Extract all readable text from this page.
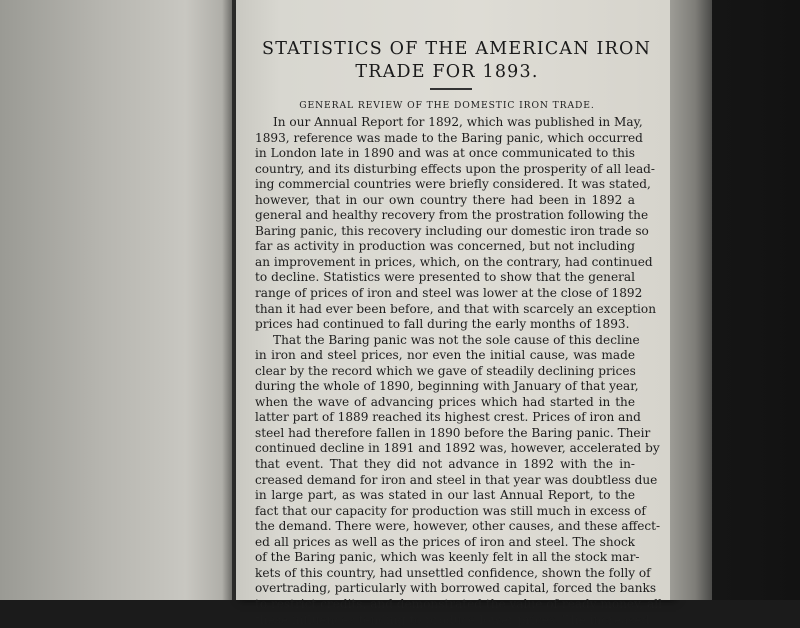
STATISTICS OF THE AMERICAN IRON
TRADE FOR 1893.
GENERAL REVIEW OF THE DOMESTIC IRON TRADE.
In our Annual Report for 1892, which was published in May,
1893, reference was made to the Baring panic, which occurred
in London late in 1890 and was at once communicated to this
country, and its disturbing effects upon the prosperity of all lead-
ing commercial countries were briefly considered. It was stated,
however, that in our own country there had been in 1892 a
general and healthy recovery from the prostration following the
Baring panic, this recovery including our domestic iron trade so
far as activity in production was concerned, but not including
an improvement in prices, which, on the contrary, had continued
to decline. Statistics were presented to show that the general
range of prices of iron and steel was lower at the close of 1892
than it had ever been before, and that with scarcely an exception
prices had continued to fall during the early months of 1893.
That the Baring panic was not the sole cause of this decline
in iron and steel prices, nor even the initial cause, was made
clear by the record which we gave of steadily declining prices
during the whole of 1890, beginning with January of that year,
when the wave of advancing prices which had started in the
latter part of 1889 reached its highest crest. Prices of iron and
steel had therefore fallen in 1890 before the Baring panic. Their
continued decline in 1891 and 1892 was, however, accelerated by
that event. That they did not advance in 1892 with the in-
creased demand for iron and steel in that year was doubtless due
in large part, as was stated in our last Annual Report, to the
fact that our capacity for production was still much in excess of
the demand. There were, however, other causes, and these affect-
ed all prices as well as the prices of iron and steel. The shock
of the Baring panic, which was keenly felt in all the stock mar-
kets of this country, had unsettled confidence, shown the folly of
overtrading, particularly with borrowed capital, forced the banks
to restrict credits, and demonstrated the value of ready money, all
these influences tending to produce lower prices. The increased
